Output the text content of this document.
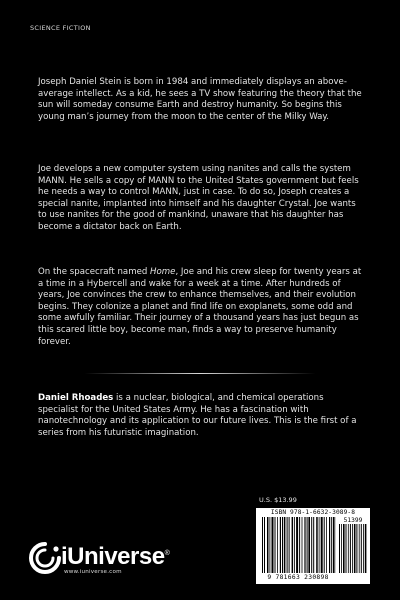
SCIENCE FICTION

Joseph Daniel Stein is born in 1984 and immediately displays an above-average intellect. As a kid, he sees a TV show featuring the theory that the sun will someday consume Earth and destroy humanity. So begins this young man’s journey from the moon to the center of the Milky Way.

Joe develops a new computer system using nanites and calls the system MANN. He sells a copy of MANN to the United States government but feels he needs a way to control MANN, just in case. To do so, Joseph creates a special nanite, implanted into himself and his daughter Crystal. Joe wants to use nanites for the good of mankind, unaware that his daughter has become a dictator back on Earth.

On the spacecraft named Home, Joe and his crew sleep for twenty years at a time in a Hybercell and wake for a week at a time. After hundreds of years, Joe convinces the crew to enhance themselves, and their evolution begins. They colonize a planet and find life on exoplanets, some odd and some awfully familiar. Their journey of a thousand years has just begun as this scared little boy, become man, finds a way to preserve humanity forever.

Daniel Rhoades is a nuclear, biological, and chemical operations specialist for the United States Army. He has a fascination with nanotechnology and its application to our future lives. This is the first of a series from his futuristic imagination.

iUniverse®
www.iuniverse.com
U.S. $13.99
ISBN 978-1-6632-3089-8
51399
9 781663 230898
